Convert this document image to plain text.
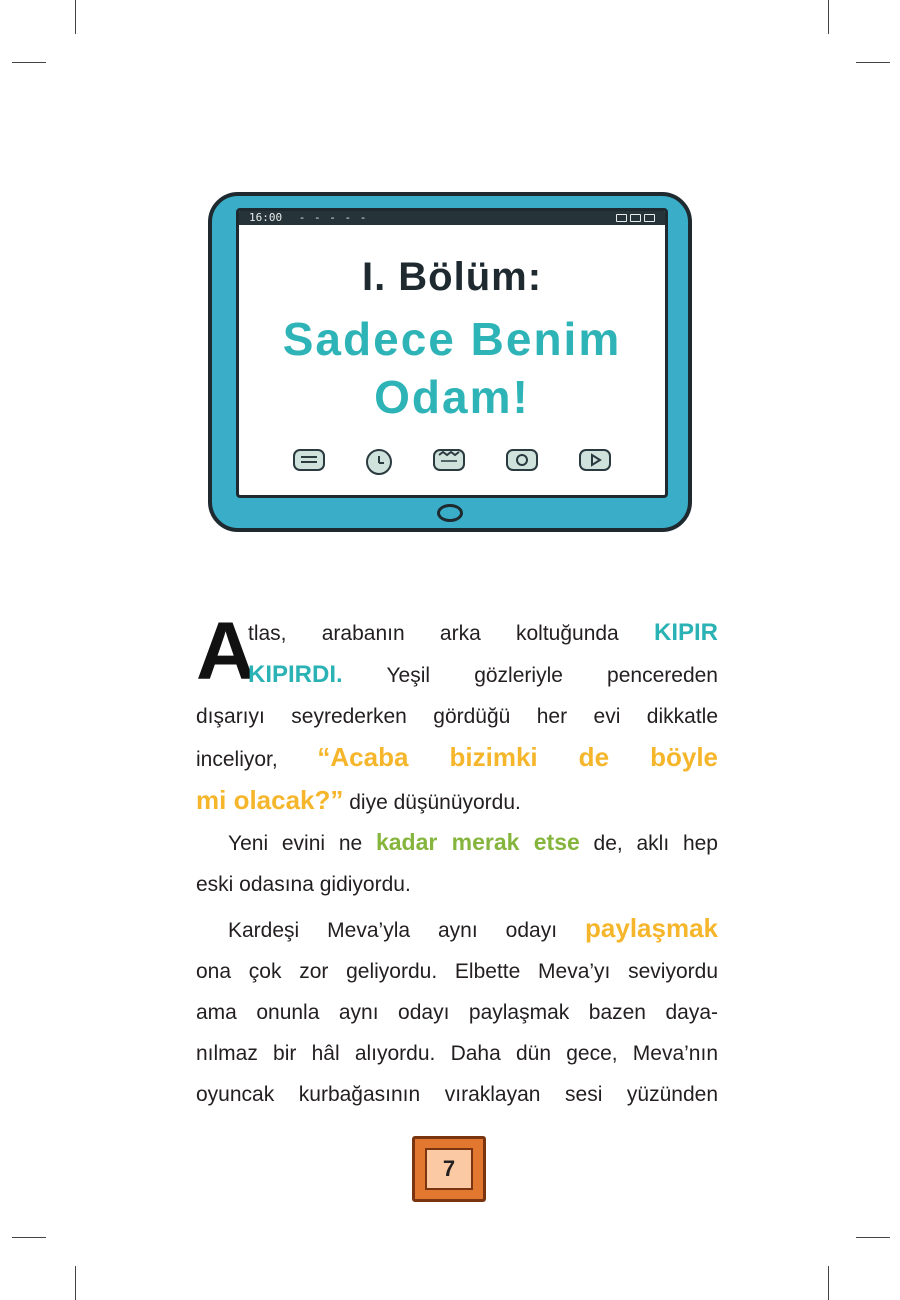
16:00 - - - - -
I. Bölüm:
Sadece Benim
Odam!
A
tlas, arabanın arka koltuğunda KIPIR
KIPIRDI. Yeşil gözleriyle pencereden
dışarıyı seyrederken gördüğü her evi dikkatle
inceliyor, “Acaba bizimki de böyle
mi olacak?” diye düşünüyordu.
Yeni evini ne kadar merak etse de, aklı hep
eski odasına gidiyordu.
Kardeşi Meva’yla aynı odayı paylaşmak
ona çok zor geliyordu. Elbette Meva’yı seviyordu
ama onunla aynı odayı paylaşmak bazen daya-
nılmaz bir hâl alıyordu. Daha dün gece, Meva’nın
oyuncak kurbağasının vıraklayan sesi yüzünden
7
